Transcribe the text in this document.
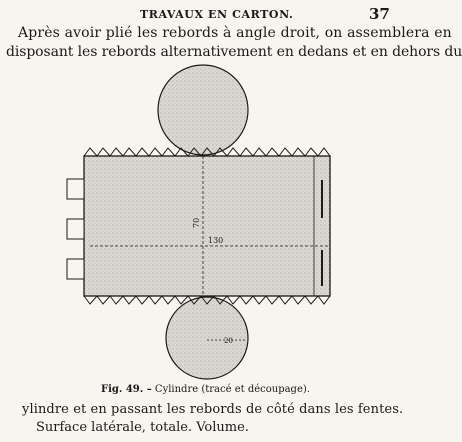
TRAVAUX EN CARTON.	37
Après avoir plié les rebords à angle droit, on assemblera en
disposant les rebords alternativement en dedans et en dehors du
20
70
130
Fig. 49. – Cylindre (tracé et découpage).
ylindre et en passant les rebords de côté dans les fentes.
Surface latérale, totale. Volume.
